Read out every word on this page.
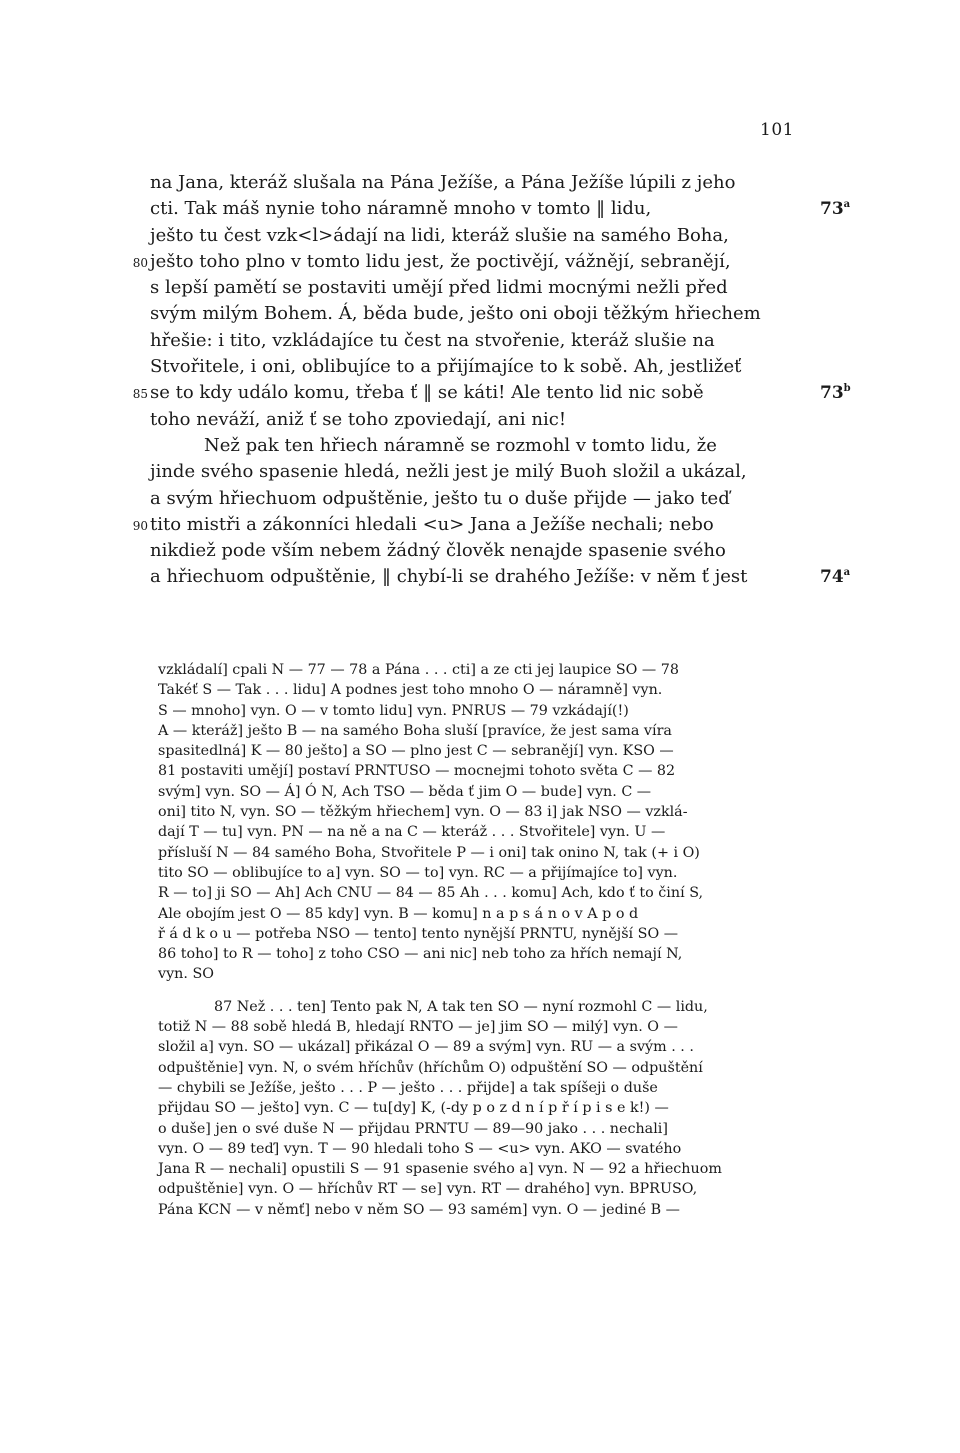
101
na Jana, kteráž slušala na Pána Ježíše, a Pána Ježíše lúpili z jeho
cti. Tak máš nynie toho náramně mnoho v tomto ‖ lidu,	73$^a$
ješto tu čest vzk<l>ádají na lidi, kteráž slušie na samého Boha,
80 ješto toho plno v tomto lidu jest, že poctivějí, vážnějí, sebranějí,
s lepší pamětí se postaviti umějí před lidmi mocnými nežli před
svým milým Bohem. Á, běda bude, ješto oni oboji těžkým hřiechem
hřešie: i tito, vzkládajíce tu čest na stvořenie, kteráž slušie na
Stvořitele, i oni, oblibujíce to a přijímajíce to k sobě. Ah, jestližeť
85 se to kdy událo komu, třeba ť ‖ se káti! Ale tento lid nic sobě	73$^b$
toho neváží, aniž ť se toho zpoviedají, ani nic!
Než pak ten hřiech náramně se rozmohl v tomto lidu, že
jinde svého spasenie hledá, nežli jest je milý Buoh složil a ukázal,
a svým hřiechuom odpuštěnie, ješto tu o duše přijde — jako teď
90 tito mistři a zákonníci hledali <u> Jana a Ježíše nechali; nebo
nikdiež pode vším nebem žádný člověk nenajde spasenie svého
a hřiechuom odpuštěnie, ‖ chybí-li se drahého Ježíše: v něm ť jest	74$^a$
vzkládalí] cpali N — 77 — 78 a Pána . . . cti] a ze cti jej laupice SO — 78
Takéť S — Tak . . . lidu] A podnes jest toho mnoho O — náramně] vyn.
S — mnoho] vyn. O — v tomto lidu] vyn. PNRUS — 79 vzkádají(!)
A — kteráž] ješto B — na samého Boha sluší [pravíce, že jest sama víra
spasitedlná] K — 80 ješto] a SO — plno jest C — sebranějí] vyn. KSO —
81 postaviti umějí] postaví PRNTUSO — mocnejmi tohoto světa C — 82
svým] vyn. SO — Á] Ó N, Ach TSO — běda ť jim O — bude] vyn. C —
oni] tito N, vyn. SO — těžkým hřiechem] vyn. O — 83 i] jak NSO — vzklá-
dají T — tu] vyn. PN — na ně a na C — kteráž . . . Stvořitele] vyn. U —
přísluší N — 84 samého Boha, Stvořitele P — i oni] tak onino N, tak (+ i O)
tito SO — oblibujíce to a] vyn. SO — to] vyn. RC — a přijímajíce to] vyn.
R — to] ji SO — Ah] Ach CNU — 84 — 85 Ah . . . komu] Ach, kdo ť to činí S,
Ale obojím jest O — 85 kdy] vyn. B — komu] n a p s á n o v A p o d
ř á d k o u — potřeba NSO — tento] tento nynější PRNTU, nynější SO —
86 toho] to R — toho] z toho CSO — ani nic] neb toho za hřích nemají N,
vyn. SO
87 Než . . . ten] Tento pak N, A tak ten SO — nyní rozmohl C — lidu,
totiž N — 88 sobě hledá B, hledají RNTO — je] jim SO — milý] vyn. O —
složil a] vyn. SO — ukázal] přikázal O — 89 a svým] vyn. RU — a svým . . .
odpuštěnie] vyn. N, o svém hříchův (hříchům O) odpuštění SO — odpuštění
— chybili se Ježíše, ješto . . . P — ješto . . . přijde] a tak spíšeji o duše
přijdau SO — ješto] vyn. C — tu[dy] K, (-dy p o z d n í p ř í p i s e k!) —
o duše] jen o své duše N — přijdau PRNTU — 89—90 jako . . . nechali]
vyn. O — 89 teď] vyn. T — 90 hledali toho S — <u> vyn. AKO — svatého
Jana R — nechali] opustili S — 91 spasenie svého a] vyn. N — 92 a hřiechuom
odpuštěnie] vyn. O — hříchův RT — se] vyn. RT — drahého] vyn. BPRUSO,
Pána KCN — v němť] nebo v něm SO — 93 samém] vyn. O — jediné B —
